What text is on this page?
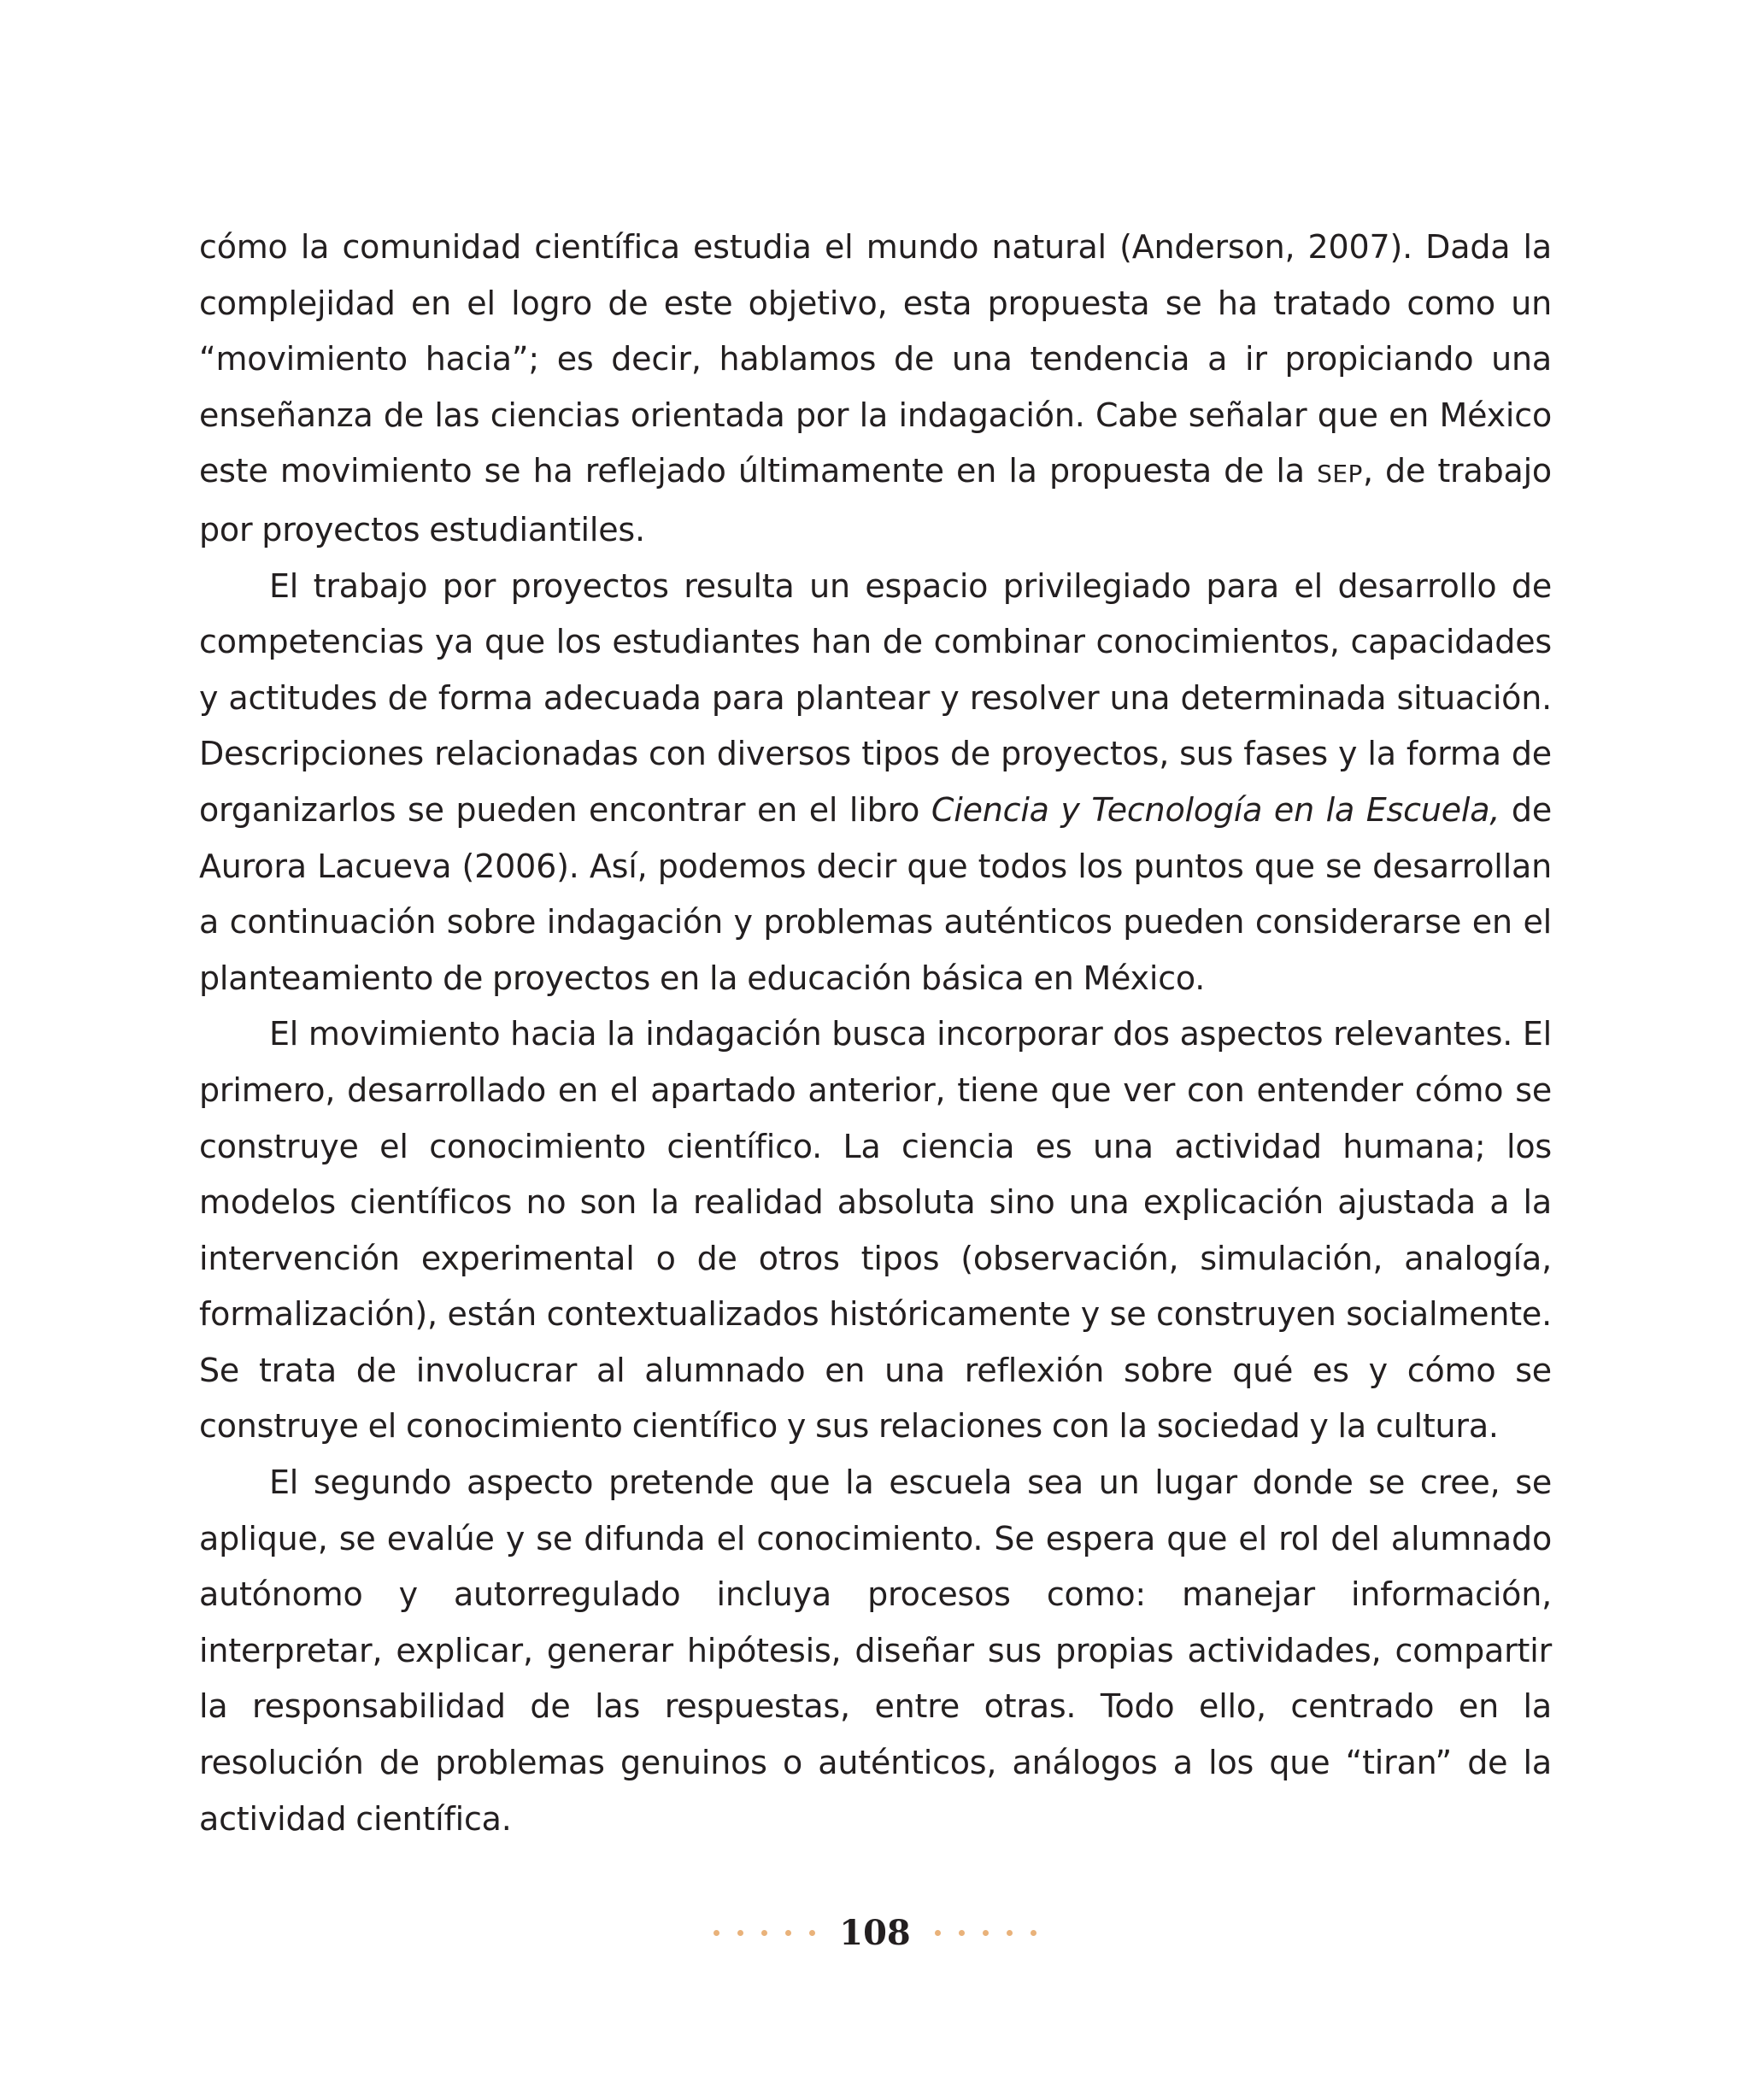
cómo la comunidad científica estudia el mundo natural (Anderson, 2007). Dada la complejidad en el logro de este objetivo, esta propuesta se ha tratado como un “movimiento hacia”; es decir, hablamos de una tendencia a ir propiciando una enseñanza de las ciencias orientada por la indagación. Cabe señalar que en México este movimiento se ha reflejado últimamente en la propuesta de la SEP, de trabajo por proyectos estudiantiles.

El trabajo por proyectos resulta un espacio privilegiado para el desarrollo de competencias ya que los estudiantes han de combinar conocimientos, capacidades y actitudes de forma adecuada para plantear y resolver una determinada situación. Descripciones relacionadas con diversos tipos de proyectos, sus fases y la forma de organizarlos se pueden encontrar en el libro Ciencia y Tecnología en la Escuela, de Aurora Lacueva (2006). Así, podemos decir que todos los puntos que se desarrollan a continuación sobre indagación y problemas auténticos pueden considerarse en el planteamiento de proyectos en la educación básica en México.

El movimiento hacia la indagación busca incorporar dos aspectos relevantes. El primero, desarrollado en el apartado anterior, tiene que ver con entender cómo se construye el conocimiento científico. La ciencia es una actividad humana; los modelos científicos no son la realidad absoluta sino una explicación ajustada a la intervención experimental o de otros tipos (observación, simulación, analogía, formalización), están contextualizados históricamente y se construyen socialmente. Se trata de involucrar al alumnado en una reflexión sobre qué es y cómo se construye el conocimiento científico y sus relaciones con la sociedad y la cultura.

El segundo aspecto pretende que la escuela sea un lugar donde se cree, se aplique, se evalúe y se difunda el conocimiento. Se espera que el rol del alumnado autónomo y autorregulado incluya procesos como: manejar información, interpretar, explicar, generar hipótesis, diseñar sus propias actividades, compartir la responsabilidad de las respuestas, entre otras. Todo ello, centrado en la resolución de problemas genuinos o auténticos, análogos a los que “tiran” de la actividad científica.

108
